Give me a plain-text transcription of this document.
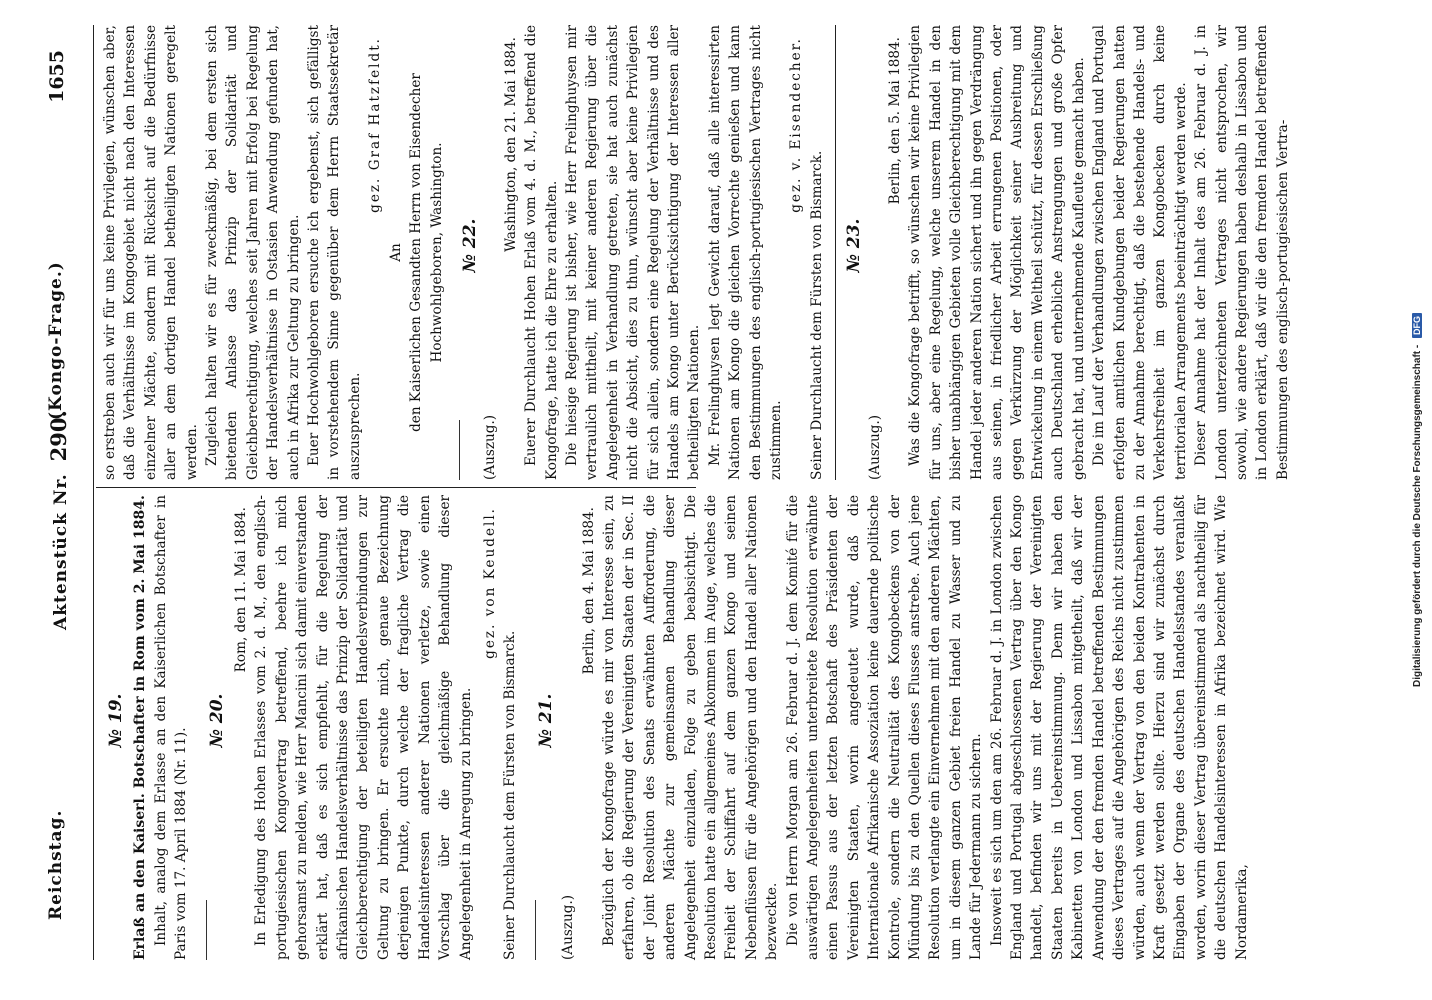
Reichstag.
Aktenstück Nr. 290.
(Kongo-Frage.)
1655

№ 19. Erlaß an den Kaiserl. Botschafter in Rom vom 2. Mai 1884. Inhalt, analog dem Erlasse an den Kaiserlichen Botschafter in Paris vom 17. April 1884 (Nr. 11).

№ 20.

Rom, den 11. Mai 1884. In Erledigung des Hohen Erlasses vom 2. d. M., den englisch-portugiesischen Kongovertrag betreffend, beehre ich mich gehorsamst zu melden, wie Herr Mancini sich damit einverstanden erklärt hat, daß es sich empfiehlt, für die Regelung der afrikanischen Handelsverhältnisse das Prinzip der Solidarität und Gleichberechtigung der beteiligten Handelsverbindungen zur Geltung zu bringen. Er ersuchte mich, genaue Bezeichnung derjenigen Punkte, durch welche der fragliche Vertrag die Handelsinteressen anderer Nationen verletze, sowie einen Vorschlag über die gleichmäßige Behandlung dieser Angelegenheit in Anregung zu bringen.

gez. von Keudell.

Seiner Durchlaucht dem Fürsten von Bismarck. № 21.

(Auszug.)

Berlin, den 4. Mai 1884. Bezüglich der Kongofrage würde es mir von Interesse sein, zu erfahren, ob die Regierung der Vereinigten Staaten der in Sec. II der Joint Resolution des Senats erwähnten Aufforderung, die anderen Mächte zur gemeinsamen Behandlung dieser Angelegenheit einzuladen, Folge zu geben beabsichtigt. Die Resolution hatte ein allgemeines Abkommen im Auge, welches die Freiheit der Schiffahrt auf dem ganzen Kongo und seinen Nebenflüssen für die Angehörigen und den Handel aller Nationen bezweckte. Die von Herrn Morgan am 26. Februar d. J. dem Komité für die auswärtigen Angelegenheiten unterbreitete Resolution erwähnte einen Passus aus der letzten Botschaft des Präsidenten der Vereinigten Staaten, worin angedeutet wurde, daß die Internationale Afrikanische Assoziation keine dauernde politische Kontrole, sondern die Neutralität des Kongobeckens von der Mündung bis zu den Quellen dieses Flusses anstrebe. Auch jene Resolution verlangte ein Einvernehmen mit den anderen Mächten, um in diesem ganzen Gebiet freien Handel zu Wasser und zu Lande für Jedermann zu sichern. Insoweit es sich um den am 26. Februar d. J. in London zwischen England und Portugal abgeschlossenen Vertrag über den Kongo handelt, befinden wir uns mit der Regierung der Vereinigten Staaten bereits in Uebereinstimmung. Denn wir haben den Kabinetten von London und Lissabon mitgetheilt, daß wir der Anwendung der den fremden Handel betreffenden Bestimmungen dieses Vertrages auf die Angehörigen des Reichs nicht zustimmen würden, auch wenn der Vertrag von den beiden Kontrahenten in Kraft gesetzt werden sollte. Hierzu sind wir zunächst durch Eingaben der Organe des deutschen Handelsstandes veranlaßt worden, worin dieser Vertrag übereinstimmend als nachtheilig für die deutschen Handelsinteressen in Afrika bezeichnet wird. Wie Nordamerika,

so erstreben auch wir für uns keine Privilegien, wünschen aber, daß die Verhältnisse im Kongogebiet nicht nach den Interessen einzelner Mächte, sondern mit Rücksicht auf die Bedürfnisse aller an dem dortigen Handel betheiligten Nationen geregelt werden. Zugleich halten wir es für zweckmäßig, bei dem ersten sich bietenden Anlasse das Prinzip der Solidarität und Gleichberechtigung, welches seit Jahren mit Erfolg bei Regelung der Handelsverhältnisse in Ostasien Anwendung gefunden hat, auch in Afrika zur Geltung zu bringen. Euer Hochwohlgeboren ersuche ich ergebenst, sich gefälligst in vorstehendem Sinne gegenüber dem Herrn Staatssekretär auszusprechen.

gez. Graf Hatzfeldt.

An den Kaiserlichen Gesandten Herrn von Eisendecher Hochwohlgeboren, Washington. № 22.

(Auszug.)

Washington, den 21. Mai 1884. Euerer Durchlaucht Hohen Erlaß vom 4. d. M., betreffend die Kongofrage, hatte ich die Ehre zu erhalten. Die hiesige Regierung ist bisher, wie Herr Frelinghuysen mir vertraulich mittheilt, mit keiner anderen Regierung über die Angelegenheit in Verhandlung getreten, sie hat auch zunächst nicht die Absicht, dies zu thun, wünscht aber keine Privilegien für sich allein, sondern eine Regelung der Verhältnisse und des Handels am Kongo unter Berücksichtigung der Interessen aller betheiligten Nationen. Mr. Frelinghuysen legt Gewicht darauf, daß alle interessirten Nationen am Kongo die gleichen Vorrechte genießen und kann den Bestimmungen des englisch-portugiesischen Vertrages nicht zustimmen.

gez. v. Eisendecher.

Seiner Durchlaucht dem Fürsten von Bismarck. № 23.

(Auszug.)

Berlin, den 5. Mai 1884. Was die Kongofrage betrifft, so wünschen wir keine Privilegien für uns, aber eine Regelung, welche unserem Handel in den bisher unabhängigen Gebieten volle Gleichberechtigung mit dem Handel jeder anderen Nation sichert und ihn gegen Verdrängung aus seinen, in friedlicher Arbeit errungenen Positionen, oder gegen Verkürzung der Möglichkeit seiner Ausbreitung und Entwickelung in einem Weltheil schützt, für dessen Erschließung auch Deutschland erhebliche Anstrengungen und große Opfer gebracht hat, und unternehmende Kaufleute gemacht haben. Die im Lauf der Verhandlungen zwischen England und Portugal erfolgten amtlichen Kundgebungen beider Regierungen hatten zu der Annahme berechtigt, daß die bestehende Handels- und Verkehrsfreiheit im ganzen Kongobecken durch keine territorialen Arrangements beeinträchtigt werden werde. Dieser Annahme hat der Inhalt des am 26. Februar d. J. in London unterzeichneten Vertrages nicht entsprochen, wir sowohl, wie andere Regierungen haben deshalb in Lissabon und in London erklärt, daß wir die den fremden Handel betreffenden Bestimmungen des englisch-portugiesischen Vertra-

Digitalisierung gefördert durch die Deutsche Forschungsgemeinschaft - DFG
